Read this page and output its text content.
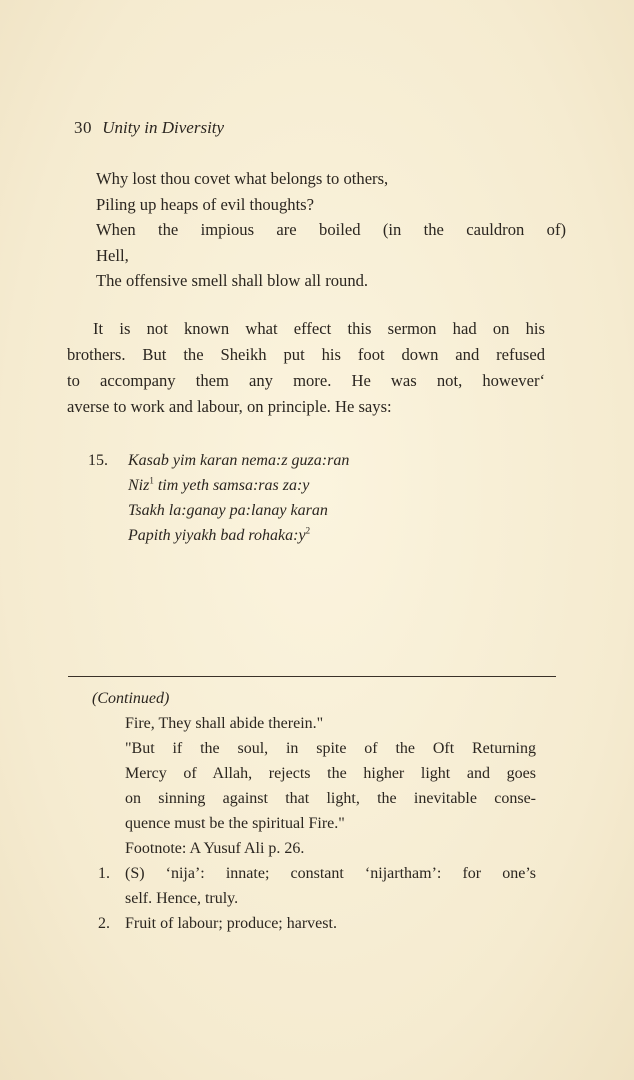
30 Unity in Diversity
Why lost thou covet what belongs to others,
Piling up heaps of evil thoughts?
When the impious are boiled (in the cauldron of)
Hell,
The offensive smell shall blow all round.
It is not known what effect this sermon had on his
brothers. But the Sheikh put his foot down and refused
to accompany them any more. He was not, however‘
averse to work and labour, on principle. He says:
15. Kasab yim karan nema:z guza:ran
Niz$^1$ tim yeth samsa:ras za:y
Tsakh la:ganay pa:lanay karan
Papith yiyakh bad $rohaka:y^2$
(Continued)
Fire, They shall abide therein."
"But if the soul, in spite of the Oft Returning
Mercy of Allah, rejects the higher light and goes
on sinning against that light, the inevitable conse-
quence must be the spiritual Fire."
Footnote: A Yusuf Ali p. 26.
1. (S) ‘nija’: innate; constant ‘nijartham’: for one’s
self. Hence, truly.
2. Fruit of labour; produce; harvest.
